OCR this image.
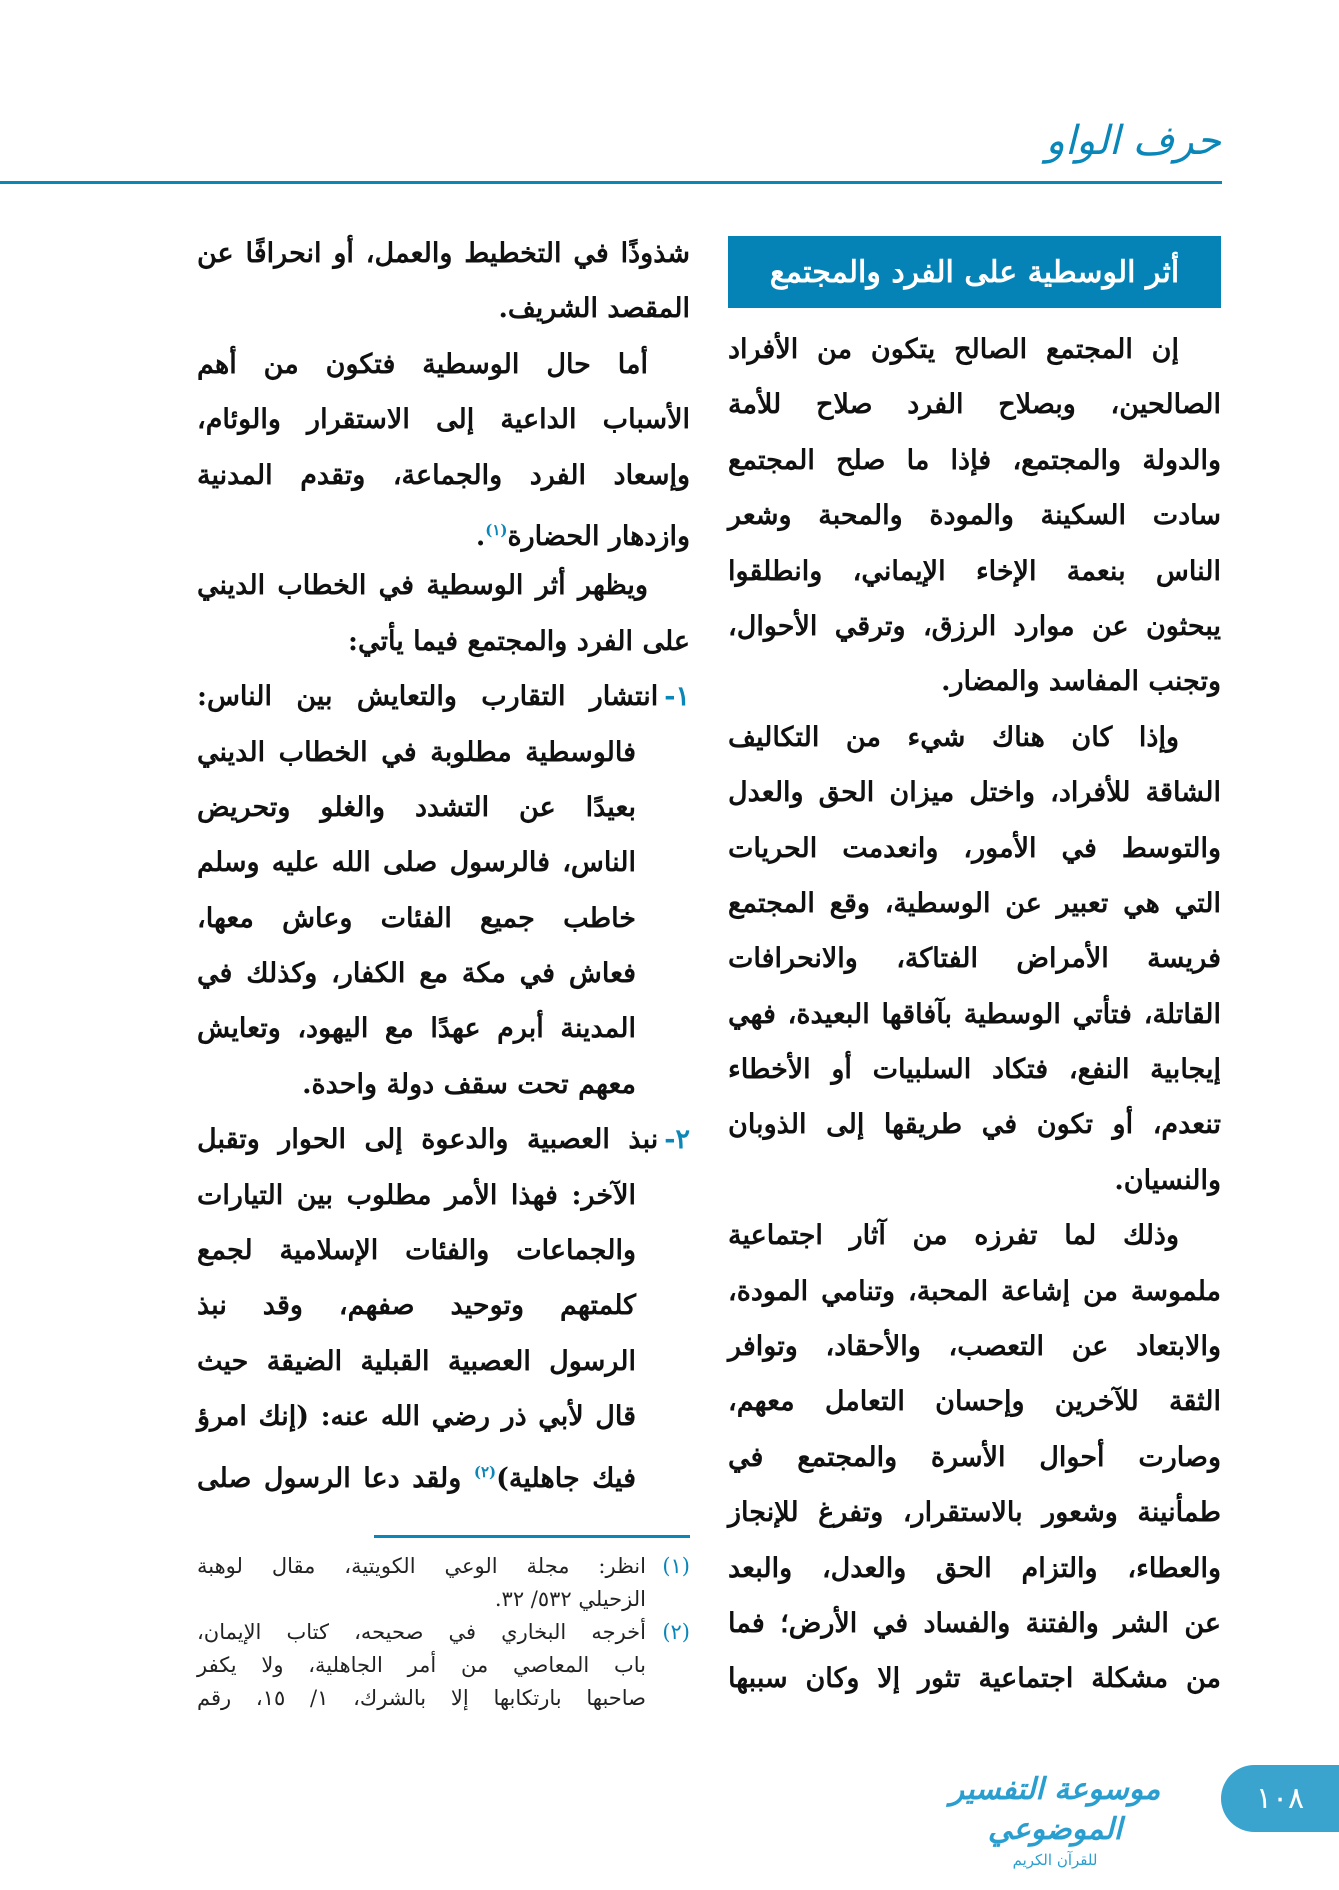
حرف الواو
أثر الوسطية على الفرد والمجتمع
إن المجتمع الصالح يتكون من الأفراد
الصالحين، وبصلاح الفرد صلاح للأمة
والدولة والمجتمع، فإذا ما صلح المجتمع
سادت السكينة والمودة والمحبة وشعر
الناس بنعمة الإخاء الإيماني، وانطلقوا
يبحثون عن موارد الرزق، وترقي الأحوال،
وتجنب المفاسد والمضار.
وإذا كان هناك شيء من التكاليف
الشاقة للأفراد، واختل ميزان الحق والعدل
والتوسط في الأمور، وانعدمت الحريات
التي هي تعبير عن الوسطية، وقع المجتمع
فريسة الأمراض الفتاكة، والانحرافات
القاتلة، فتأتي الوسطية بآفاقها البعيدة، فهي
إيجابية النفع، فتكاد السلبيات أو الأخطاء
تنعدم، أو تكون في طريقها إلى الذوبان
والنسيان.
وذلك لما تفرزه من آثار اجتماعية
ملموسة من إشاعة المحبة، وتنامي المودة،
والابتعاد عن التعصب، والأحقاد، وتوافر
الثقة للآخرين وإحسان التعامل معهم،
وصارت أحوال الأسرة والمجتمع في
طمأنينة وشعور بالاستقرار، وتفرغ للإنجاز
والعطاء، والتزام الحق والعدل، والبعد
عن الشر والفتنة والفساد في الأرض؛ فما
من مشكلة اجتماعية تثور إلا وكان سببها
شذوذًا في التخطيط والعمل، أو انحرافًا عن
المقصد الشريف.
أما حال الوسطية فتكون من أهم
الأسباب الداعية إلى الاستقرار والوئام،
وإسعاد الفرد والجماعة، وتقدم المدنية
وازدهار الحضارة$^{(١)}$.
ويظهر أثر الوسطية في الخطاب الديني
على الفرد والمجتمع فيما يأتي:
١-انتشار التقارب والتعايش بين الناس:
فالوسطية مطلوبة في الخطاب الديني
بعيدًا عن التشدد والغلو وتحريض
الناس، فالرسول صلى الله عليه وسلم
خاطب جميع الفئات وعاش معها،
فعاش في مكة مع الكفار، وكذلك في
المدينة أبرم عهدًا مع اليهود، وتعايش
معهم تحت سقف دولة واحدة.
٢-نبذ العصبية والدعوة إلى الحوار وتقبل
الآخر: فهذا الأمر مطلوب بين التيارات
والجماعات والفئات الإسلامية لجمع
كلمتهم وتوحيد صفهم، وقد نبذ
الرسول العصبية القبلية الضيقة حيث
قال لأبي ذر رضي الله عنه: (إنك امرؤ
فيك جاهلية)$^{(٢)}$ ولقد دعا الرسول صلى
(١)انظر: مجلة الوعي الكويتية، مقال لوهبة
الزحيلي ٥٣٢/ ٣٢.
(٢)أخرجه البخاري في صحيحه، كتاب الإيمان،
باب المعاصي من أمر الجاهلية، ولا يكفر
صاحبها بارتكابها إلا بالشرك، ١/ ١٥، رقم
موسوعة التفسير الموضوعي
للقرآن الكريم
١٠٨
